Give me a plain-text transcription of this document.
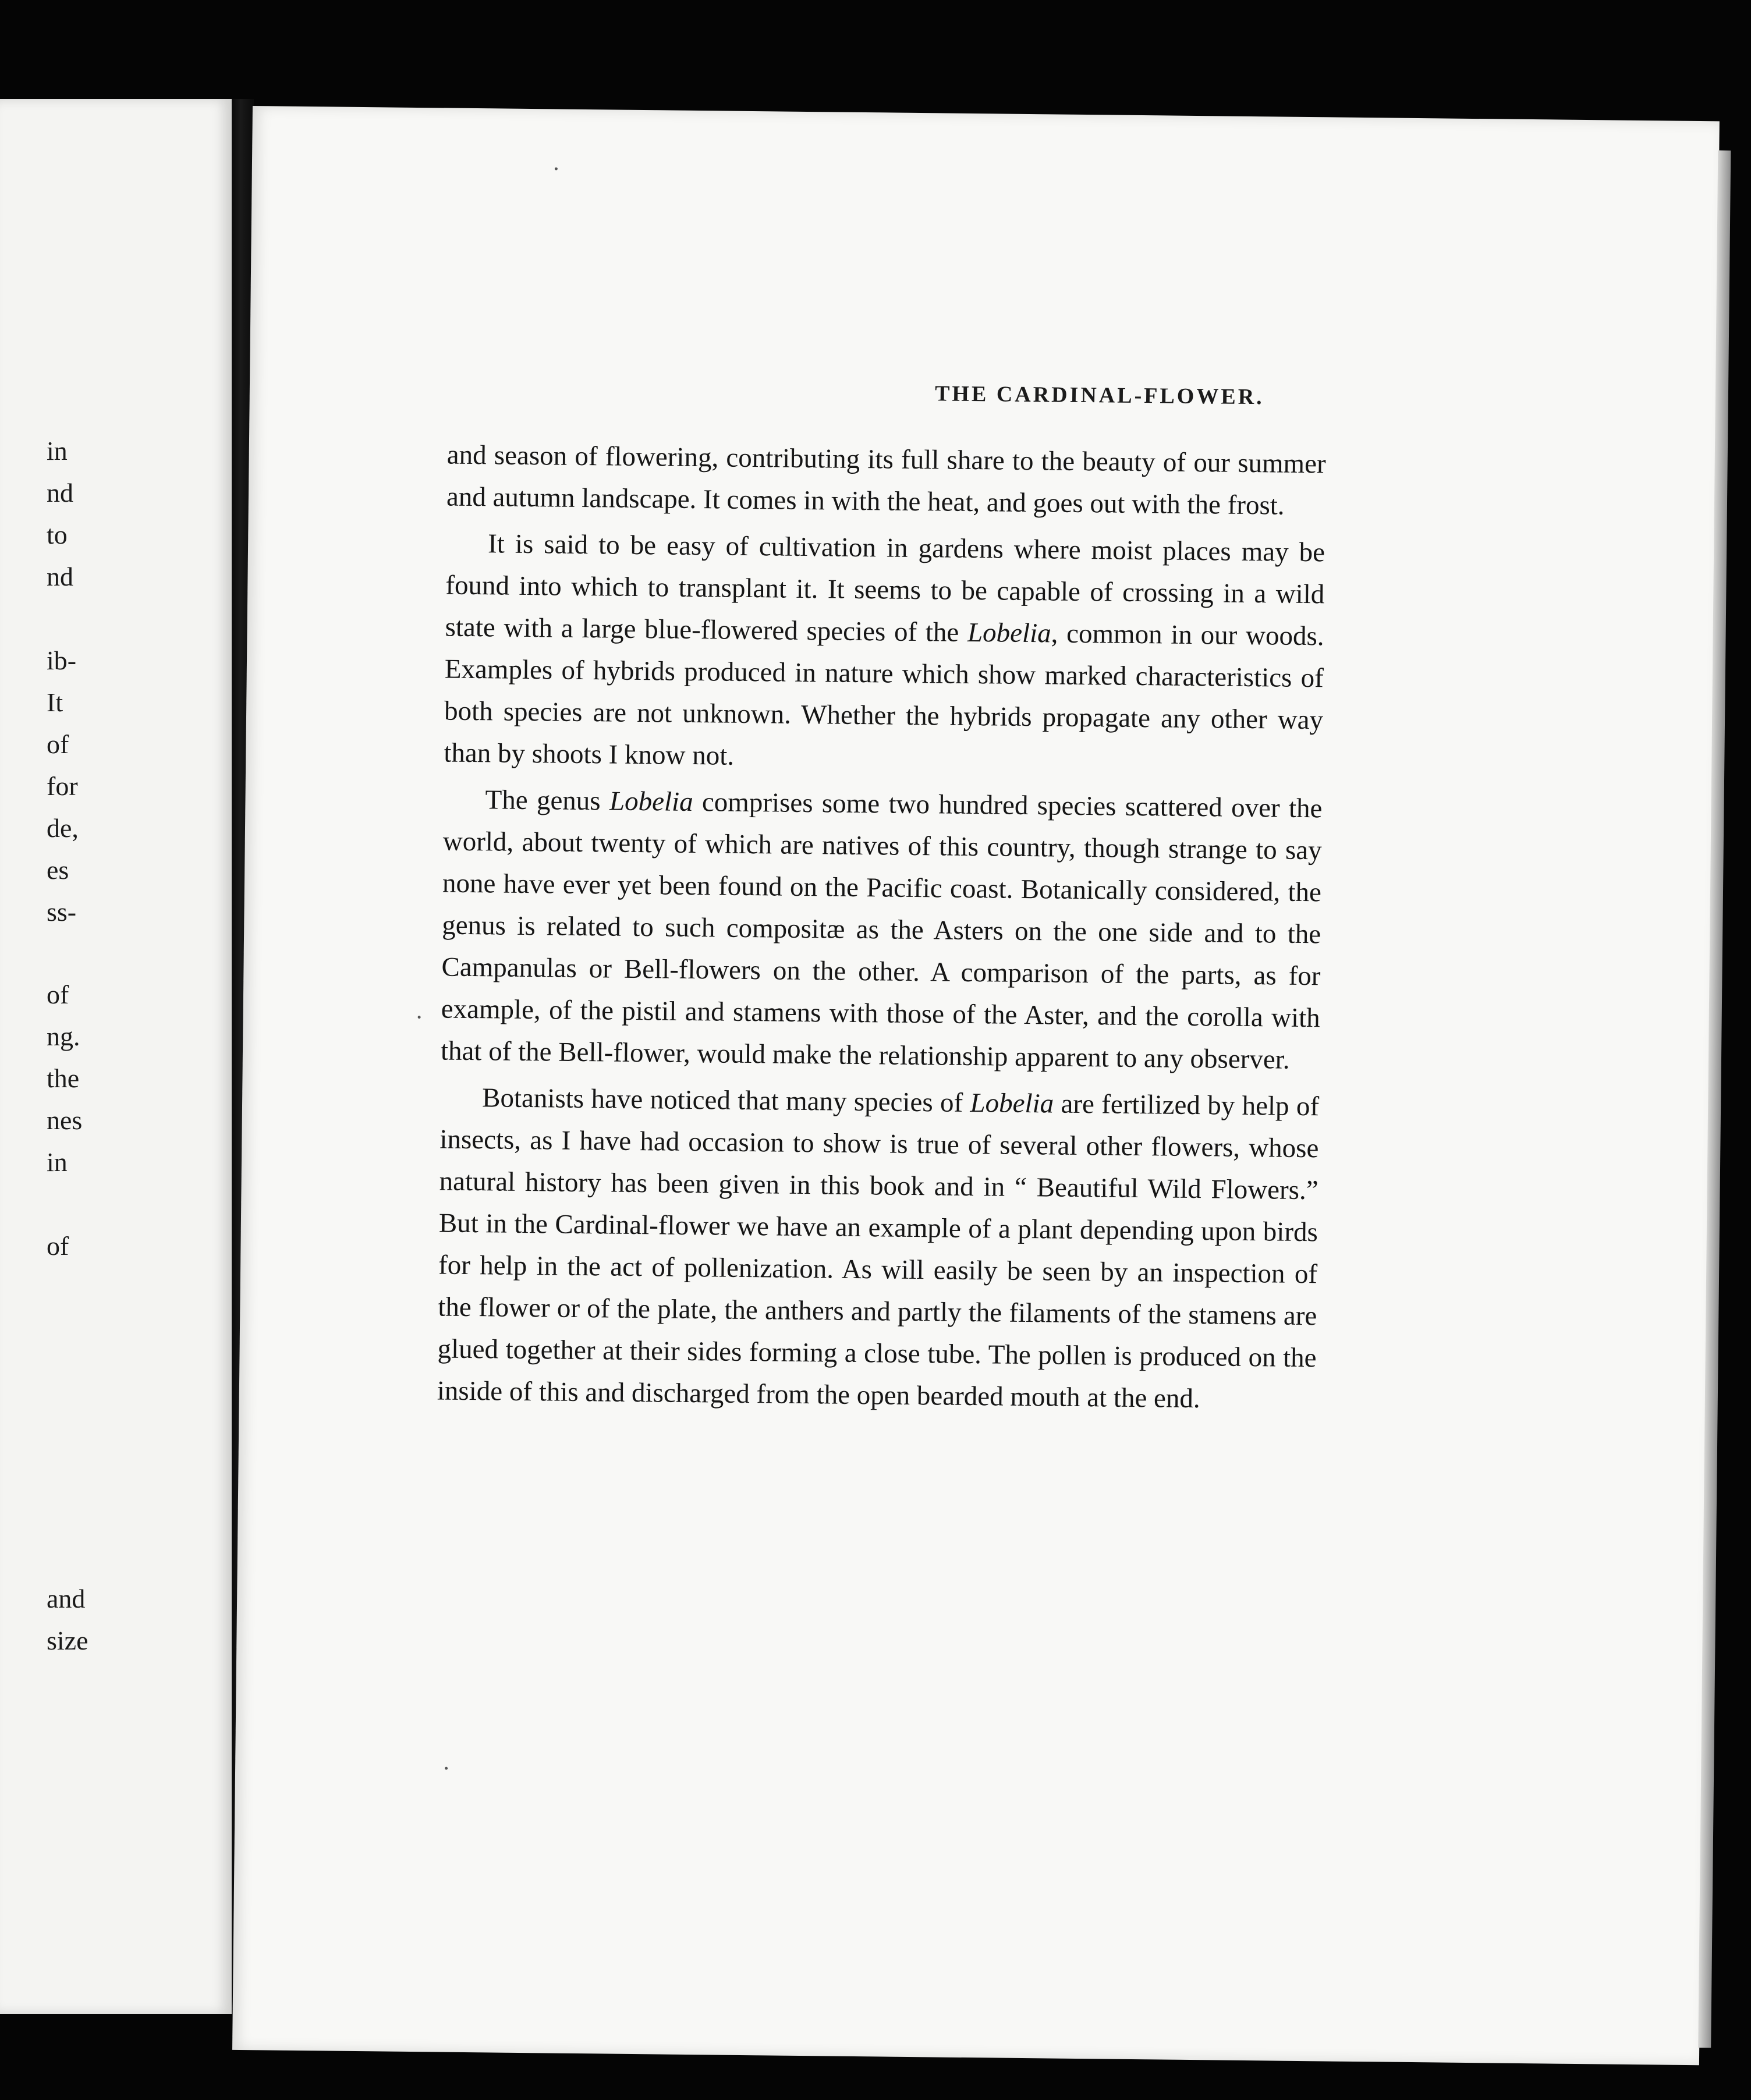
in
nd
to
nd
ib-
It
of
for
de,
es
ss-
of
ng.
the
nes
in
of
and
size
THE CARDINAL-FLOWER.

and season of flowering, contributing its full share to the beauty of our summer and autumn landscape. It comes in with the heat, and goes out with the frost.

It is said to be easy of cultivation in gardens where moist places may be found into which to transplant it. It seems to be capable of crossing in a wild state with a large blue-flowered species of the Lobelia, common in our woods. Examples of hybrids produced in nature which show marked characteristics of both species are not unknown. Whether the hybrids propagate any other way than by shoots I know not.

The genus Lobelia comprises some two hundred species scattered over the world, about twenty of which are natives of this country, though strange to say none have ever yet been found on the Pacific coast. Botanically considered, the genus is related to such compositæ as the Asters on the one side and to the Campanulas or Bell-flowers on the other. A comparison of the parts, as for example, of the pistil and stamens with those of the Aster, and the corolla with that of the Bell-flower, would make the relationship apparent to any observer.

Botanists have noticed that many species of Lobelia are fertilized by help of insects, as I have had occasion to show is true of several other flowers, whose natural history has been given in this book and in “ Beautiful Wild Flowers.” But in the Cardinal-flower we have an example of a plant depending upon birds for help in the act of pollenization. As will easily be seen by an inspection of the flower or of the plate, the anthers and partly the filaments of the stamens are glued together at their sides forming a close tube. The pollen is produced on the inside of this and discharged from the open bearded mouth at the end.
